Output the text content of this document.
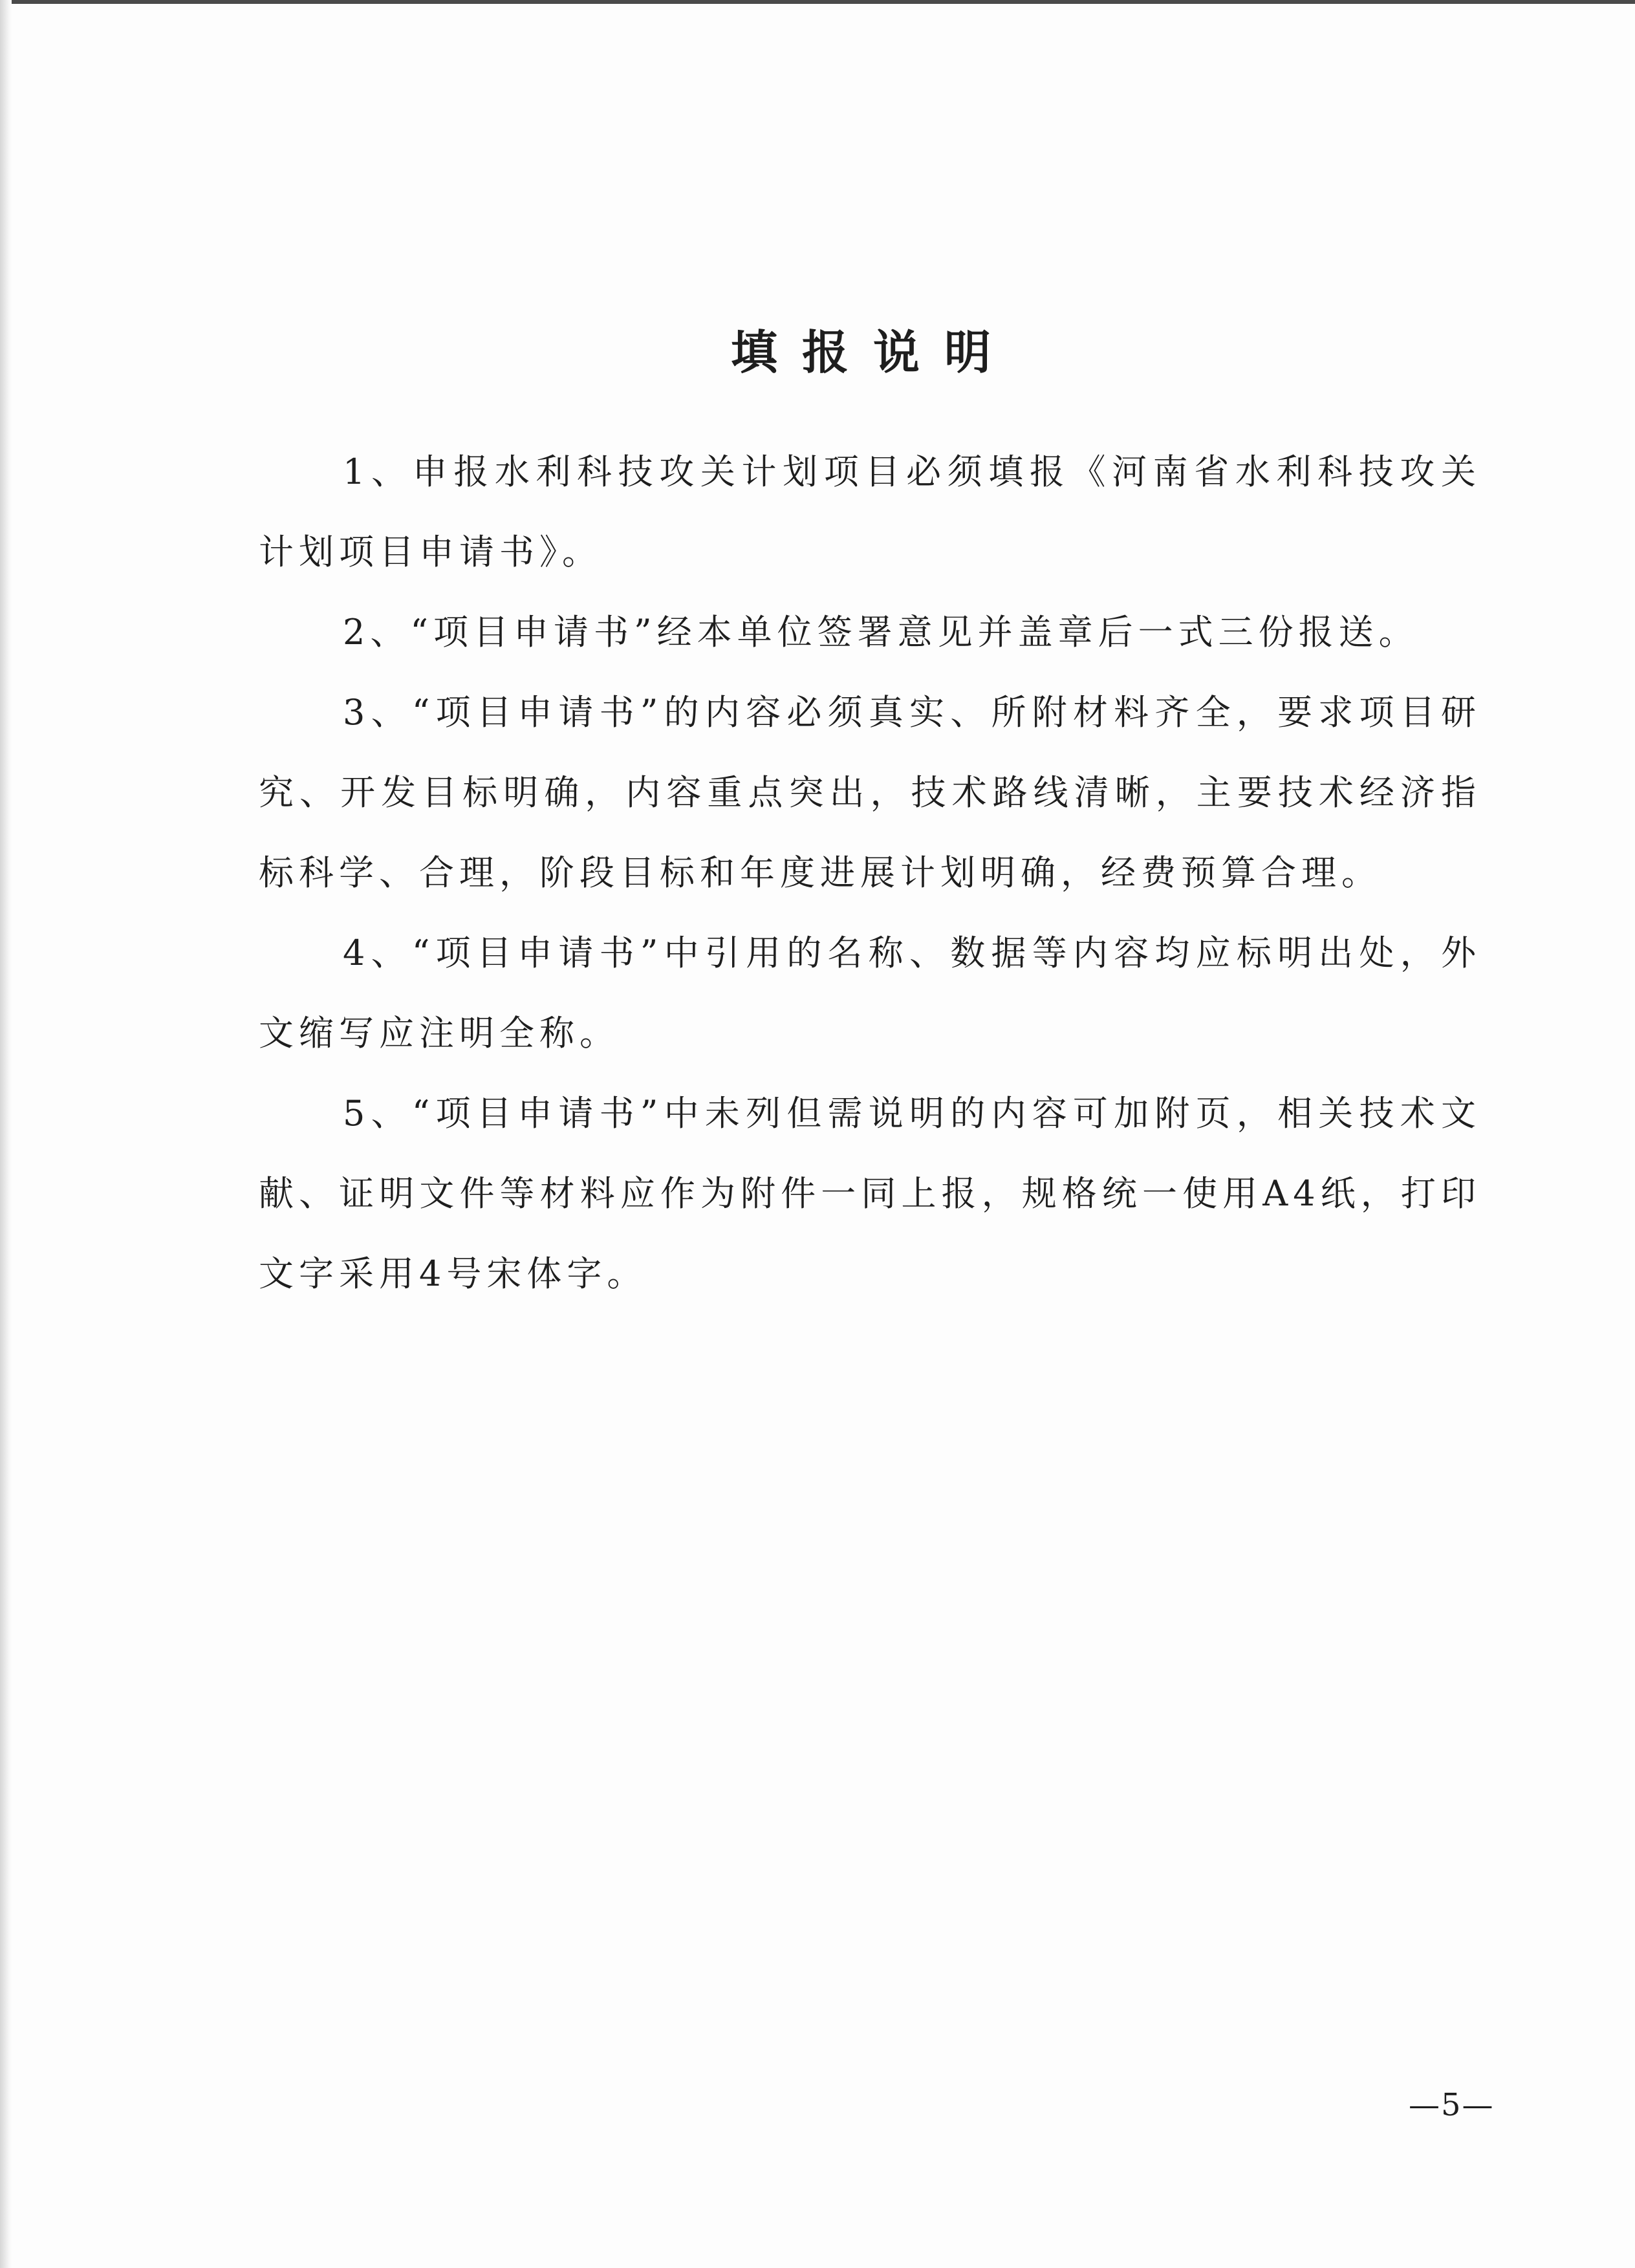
填报说明

1、申报水利科技攻关计划项目必须填报《河南省水利科技攻关计划项目申请书》。

2、“项目申请书”经本单位签署意见并盖章后一式三份报送。

3、“项目申请书”的内容必须真实、所附材料齐全，要求项目研究、开发目标明确，内容重点突出，技术路线清晰，主要技术经济指标科学、合理，阶段目标和年度进展计划明确，经费预算合理。

4、“项目申请书”中引用的名称、数据等内容均应标明出处，外文缩写应注明全称。

5、“项目申请书”中未列但需说明的内容可加附页，相关技术文献、证明文件等材料应作为附件一同上报，规格统一使用A4纸，打印文字采用4号宋体字。

—5—
